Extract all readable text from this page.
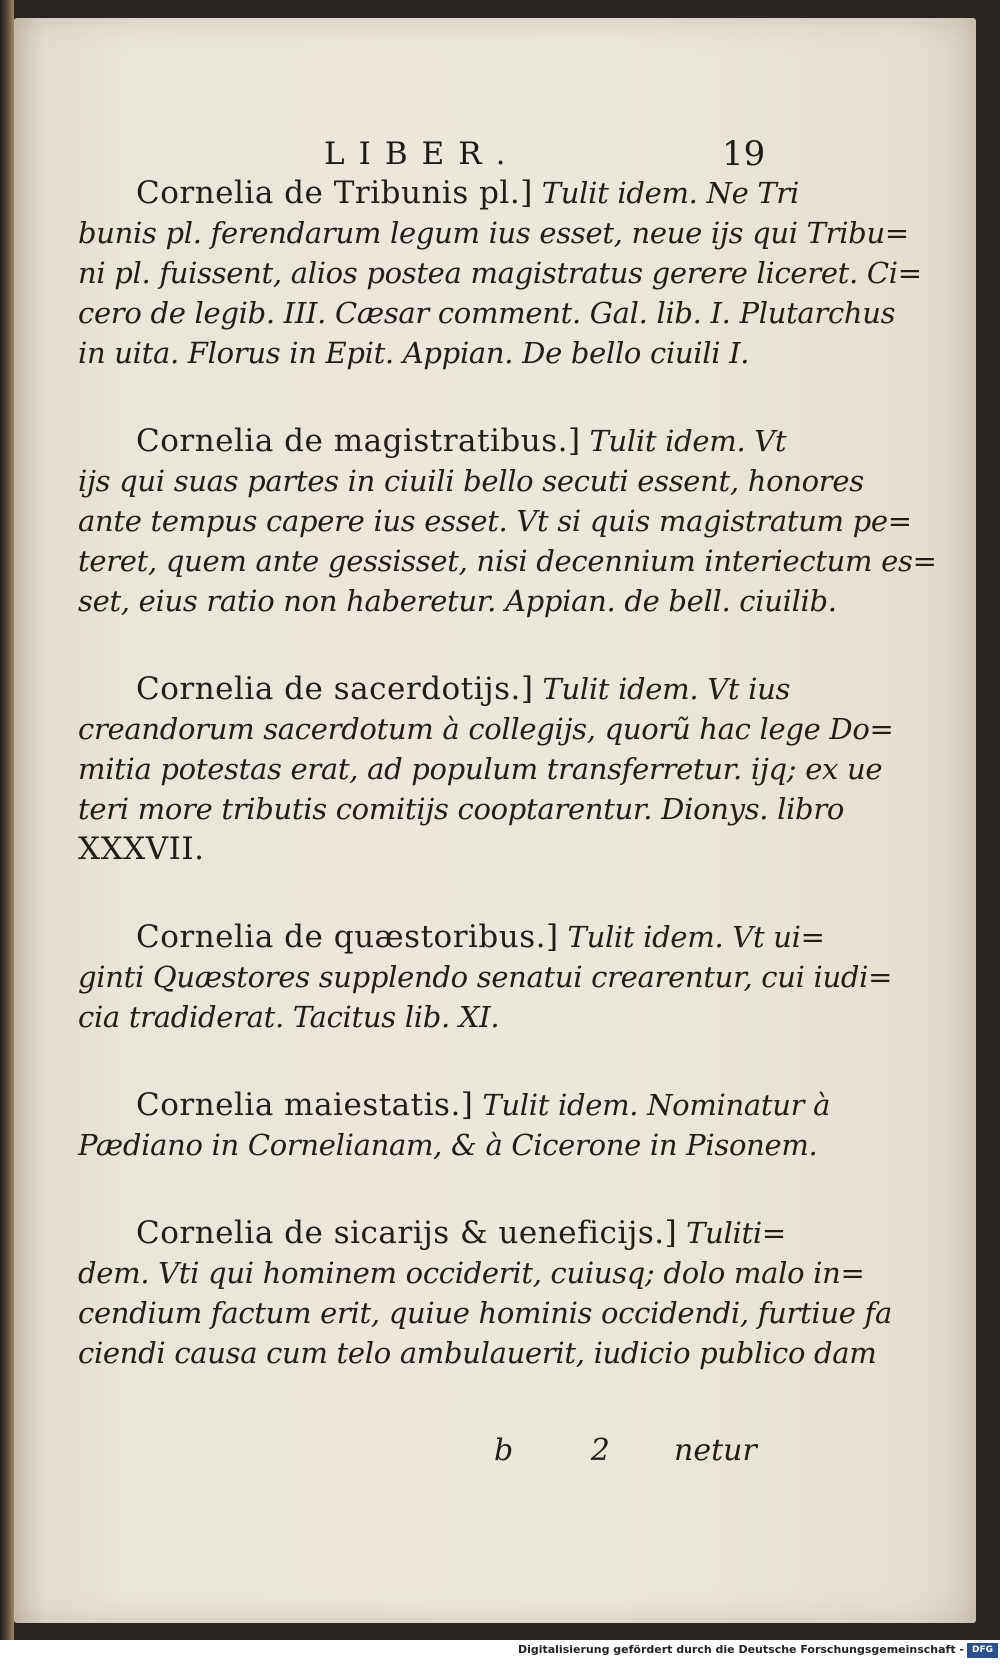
LIBER.	19
Cornelia de Tribunis pl.] Tulit idem. Ne Tri
bunis pl. ferendarum legum ius esset, neue ijs qui Tribu=
ni pl. fuissent, alios postea magistratus gerere liceret. Ci=
cero de legib. III. Cæsar comment. Gal. lib. I. Plutarchus
in uita. Florus in Epit. Appian. De bello ciuili I.
Cornelia de magistratibus.] Tulit idem. Vt
ijs qui suas partes in ciuili bello secuti essent, honores
ante tempus capere ius esset. Vt si quis magistratum pe=
teret, quem ante gessisset, nisi decennium interiectum es=
set, eius ratio non haberetur. Appian. de bell. ciuilib.
Cornelia de sacerdotijs.] Tulit idem. Vt ius
creandorum sacerdotum à collegijs, quorũ hac lege Do=
mitia potestas erat, ad populum transferretur. ijq; ex ue
teri more tributis comitijs cooptarentur. Dionys. libro
XXXVII.
Cornelia de quæstoribus.] Tulit idem. Vt ui=
ginti Quæstores supplendo senatui crearentur, cui iudi=
cia tradiderat. Tacitus lib. XI.
Cornelia maiestatis.] Tulit idem. Nominatur à
Pædiano in Cornelianam, & à Cicerone in Pisonem.
Cornelia de sicarijs & ueneficijs.] Tuliti=
dem. Vti qui hominem occiderit, cuiusq; dolo malo in=
cendium factum erit, quiue hominis occidendi, furtiue fa
ciendi causa cum telo ambulauerit, iudicio publico dam
b 2 netur
Digitalisierung gefördert durch die Deutsche Forschungsgemeinschaft - DFG
